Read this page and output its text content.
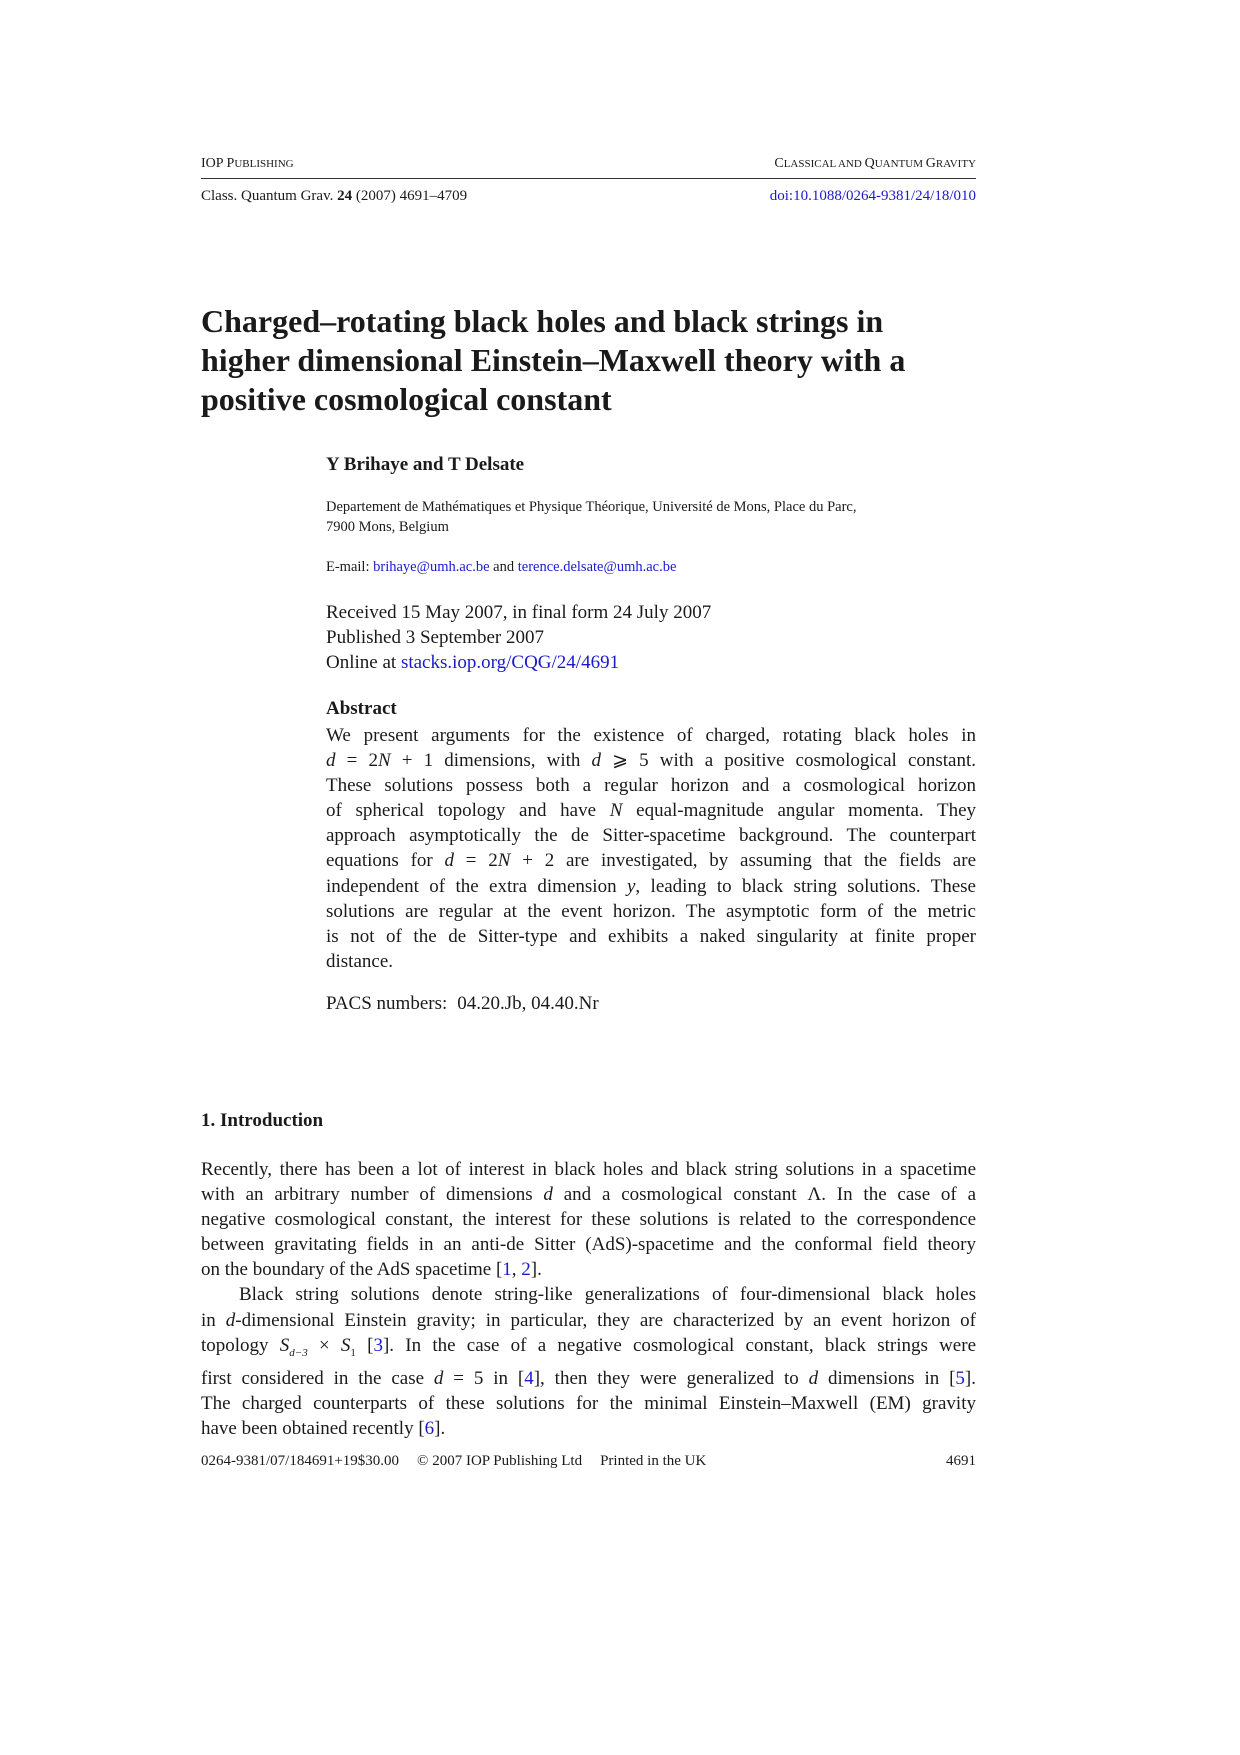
IOP PUBLISHING	CLASSICAL AND QUANTUM GRAVITY
Class. Quantum Grav. 24 (2007) 4691–4709	doi:10.1088/0264-9381/24/18/010
Charged–rotating black holes and black strings in
higher dimensional Einstein–Maxwell theory with a
positive cosmological constant
Y Brihaye and T Delsate
Departement de Mathématiques et Physique Théorique, Université de Mons, Place du Parc,
7900 Mons, Belgium
E-mail: brihaye@umh.ac.be and terence.delsate@umh.ac.be
Received 15 May 2007, in final form 24 July 2007
Published 3 September 2007
Online at stacks.iop.org/CQG/24/4691
Abstract
We present arguments for the existence of charged, rotating black holes in
d = 2N + 1 dimensions, with d ⩾ 5 with a positive cosmological constant.
These solutions possess both a regular horizon and a cosmological horizon
of spherical topology and have N equal-magnitude angular momenta. They
approach asymptotically the de Sitter-spacetime background. The counterpart
equations for d = 2N + 2 are investigated, by assuming that the fields are
independent of the extra dimension y, leading to black string solutions. These
solutions are regular at the event horizon. The asymptotic form of the metric
is not of the de Sitter-type and exhibits a naked singularity at finite proper
distance.
PACS numbers: 04.20.Jb, 04.40.Nr
1. Introduction
Recently, there has been a lot of interest in black holes and black string solutions in a spacetime
with an arbitrary number of dimensions d and a cosmological constant Λ. In the case of a
negative cosmological constant, the interest for these solutions is related to the correspondence
between gravitating fields in an anti-de Sitter (AdS)-spacetime and the conformal field theory
on the boundary of the AdS spacetime [1, 2].
Black string solutions denote string-like generalizations of four-dimensional black holes
in d-dimensional Einstein gravity; in particular, they are characterized by an event horizon of
topology $S_{d-3} \times S_1$ [3]. In the case of a negative cosmological constant, black strings were
first considered in the case d = 5 in [4], then they were generalized to d dimensions in [5].
The charged counterparts of these solutions for the minimal Einstein–Maxwell (EM) gravity
have been obtained recently [6].
0264-9381/07/184691+19$30.00 © 2007 IOP Publishing Ltd Printed in the UK	4691
